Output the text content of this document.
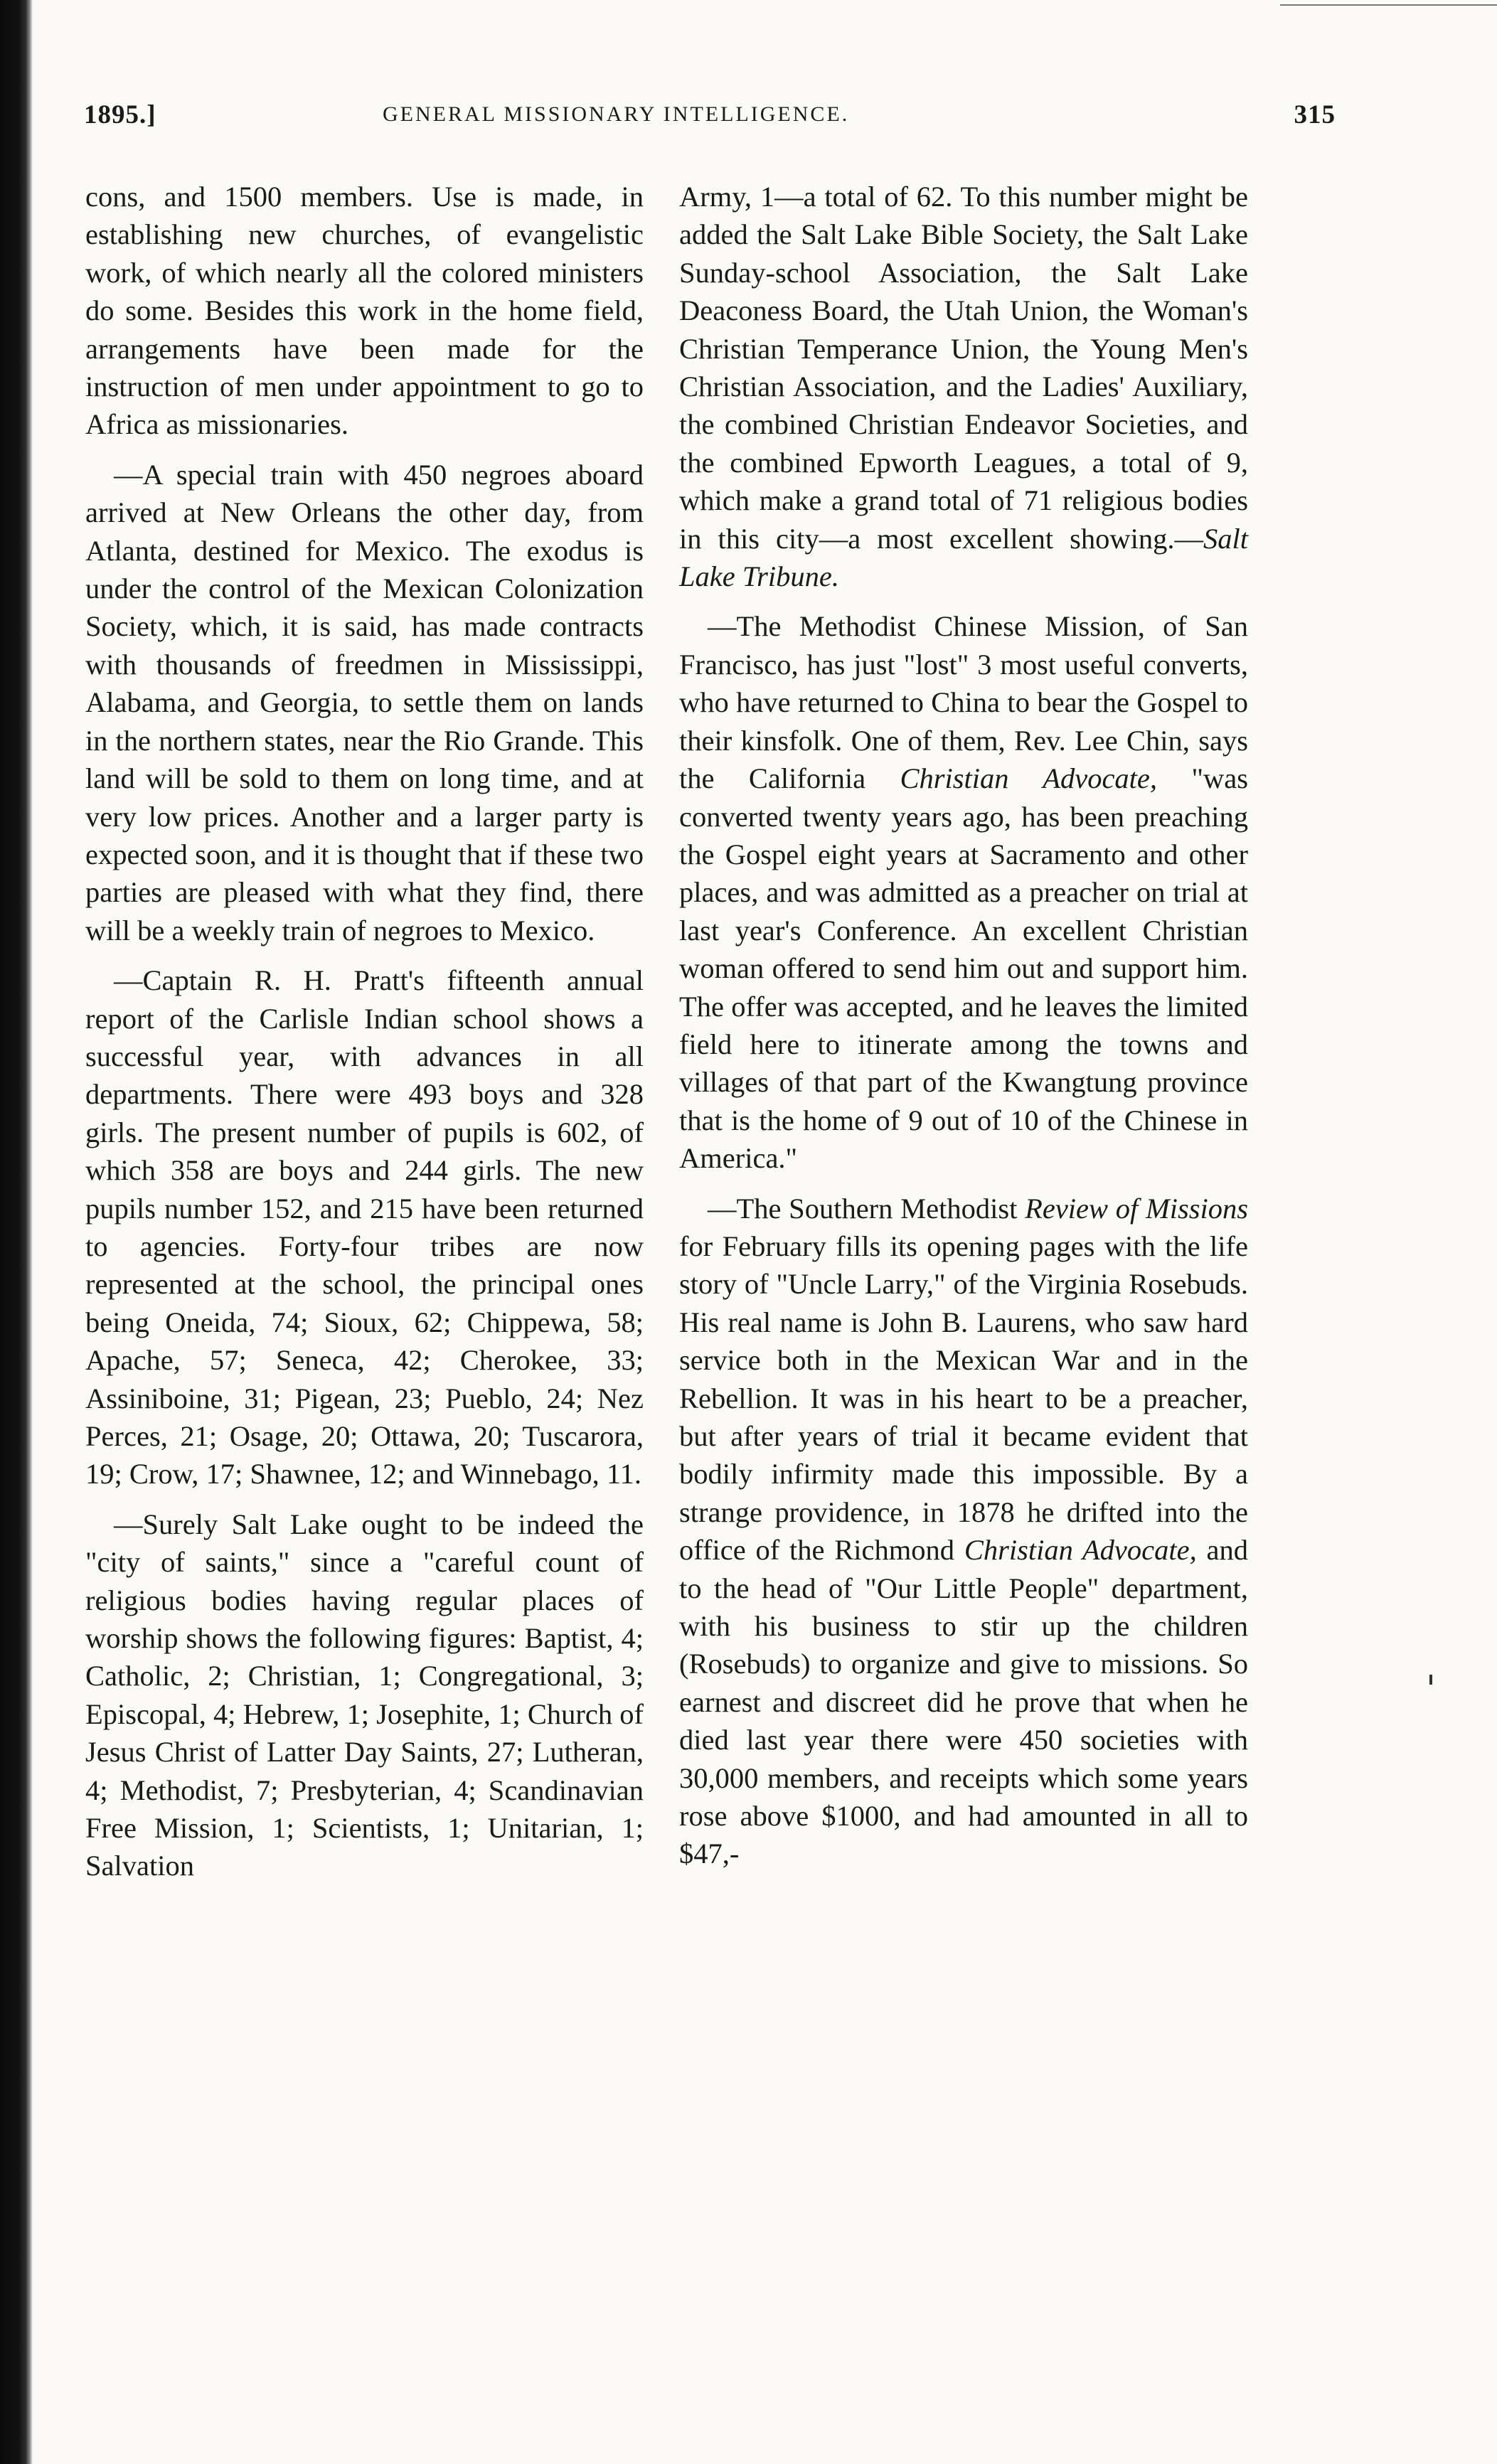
1895.]	GENERAL MISSIONARY INTELLIGENCE.	315

cons, and 1500 members. Use is made, in establishing new churches, of evangelistic work, of which nearly all the colored ministers do some. Besides this work in the home field, arrangements have been made for the instruction of men under appointment to go to Africa as missionaries.

—A special train with 450 negroes aboard arrived at New Orleans the other day, from Atlanta, destined for Mexico. The exodus is under the control of the Mexican Colonization Society, which, it is said, has made contracts with thousands of freedmen in Mississippi, Alabama, and Georgia, to settle them on lands in the northern states, near the Rio Grande. This land will be sold to them on long time, and at very low prices. Another and a larger party is expected soon, and it is thought that if these two parties are pleased with what they find, there will be a weekly train of negroes to Mexico.

—Captain R. H. Pratt's fifteenth annual report of the Carlisle Indian school shows a successful year, with advances in all departments. There were 493 boys and 328 girls. The present number of pupils is 602, of which 358 are boys and 244 girls. The new pupils number 152, and 215 have been returned to agencies. Forty-four tribes are now represented at the school, the principal ones being Oneida, 74; Sioux, 62; Chippewa, 58; Apache, 57; Seneca, 42; Cherokee, 33; Assiniboine, 31; Pigean, 23; Pueblo, 24; Nez Perces, 21; Osage, 20; Ottawa, 20; Tuscarora, 19; Crow, 17; Shawnee, 12; and Winnebago, 11.

—Surely Salt Lake ought to be indeed the "city of saints," since a "careful count of religious bodies having regular places of worship shows the following figures: Baptist, 4; Catholic, 2; Christian, 1; Congregational, 3; Episcopal, 4; Hebrew, 1; Josephite, 1; Church of Jesus Christ of Latter Day Saints, 27; Lutheran, 4; Methodist, 7; Presbyterian, 4; Scandinavian Free Mission, 1; Scientists, 1; Unitarian, 1; Salvation

Army, 1—a total of 62. To this number might be added the Salt Lake Bible Society, the Salt Lake Sunday-school Association, the Salt Lake Deaconess Board, the Utah Union, the Woman's Christian Temperance Union, the Young Men's Christian Association, and the Ladies' Auxiliary, the combined Christian Endeavor Societies, and the combined Epworth Leagues, a total of 9, which make a grand total of 71 religious bodies in this city—a most excellent showing.—Salt Lake Tribune.

—The Methodist Chinese Mission, of San Francisco, has just "lost" 3 most useful converts, who have returned to China to bear the Gospel to their kinsfolk. One of them, Rev. Lee Chin, says the California Christian Advocate, "was converted twenty years ago, has been preaching the Gospel eight years at Sacramento and other places, and was admitted as a preacher on trial at last year's Conference. An excellent Christian woman offered to send him out and support him. The offer was accepted, and he leaves the limited field here to itinerate among the towns and villages of that part of the Kwangtung province that is the home of 9 out of 10 of the Chinese in America."

—The Southern Methodist Review of Missions for February fills its opening pages with the life story of "Uncle Larry," of the Virginia Rosebuds. His real name is John B. Laurens, who saw hard service both in the Mexican War and in the Rebellion. It was in his heart to be a preacher, but after years of trial it became evident that bodily infirmity made this impossible. By a strange providence, in 1878 he drifted into the office of the Richmond Christian Advocate, and to the head of "Our Little People" department, with his business to stir up the children (Rosebuds) to organize and give to missions. So earnest and discreet did he prove that when he died last year there were 450 societies with 30,000 members, and receipts which some years rose above $1000, and had amounted in all to $47,-
